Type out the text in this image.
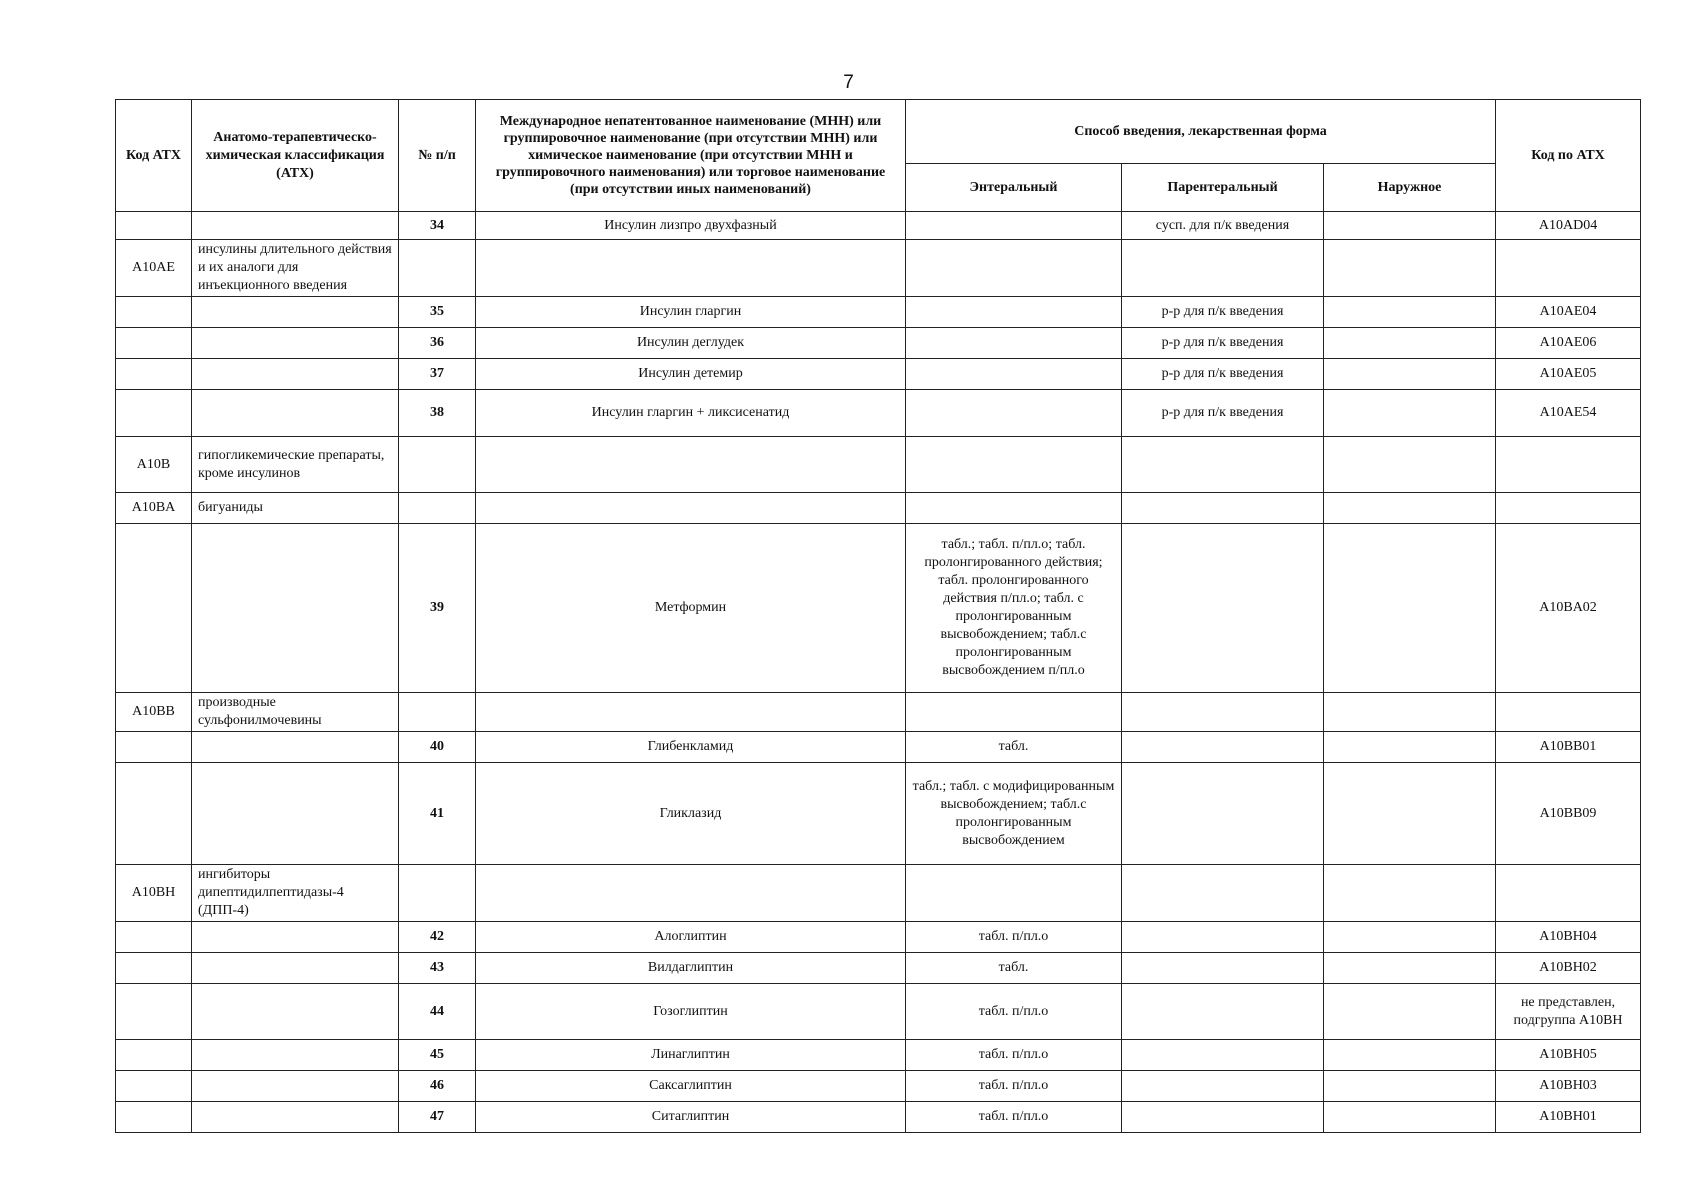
7
Код АТХ	Анатомо-терапевтическо-химическая классификация (АТХ)	№ п/п	Международное непатентованное наименование (МНН) или группировочное наименование (при отсутствии МНН) или химическое наименование (при отсутствии МНН и группировочного наименования) или торговое наименование (при отсутствии иных наименований)	Способ введения, лекарственная форма			Код по АТХ
				Энтеральный	Парентеральный	Наружное	
		34	Инсулин лизпро двухфазный		сусп. для п/к введения		A10AD04
A10AE	инсулины длительного действия и их аналоги для инъекционного введения						
		35	Инсулин гларгин		р-р для п/к введения		A10AE04
		36	Инсулин деглудек		р-р для п/к введения		A10AE06
		37	Инсулин детемир		р-р для п/к введения		A10AE05
		38	Инсулин гларгин + ликсисенатид		р-р для п/к введения		A10AE54
A10B	гипогликемические препараты, кроме инсулинов						
A10BA	бигуаниды						
		39	Метформин	табл.; табл. п/пл.о; табл. пролонгированного действия; табл. пролонгированного действия п/пл.о; табл. с пролонгированным высвобождением; табл.с пролонгированным высвобождением п/пл.о			A10BA02
A10BB	производные сульфонилмочевины						
		40	Глибенкламид	табл.			A10BB01
		41	Гликлазид	табл.; табл. с модифицированным высвобождением; табл.с пролонгированным высвобождением			A10BB09
A10BH	ингибиторы дипептидилпептидазы-4 (ДПП-4)						
		42	Алоглиптин	табл. п/пл.о			A10BH04
		43	Вилдаглиптин	табл.			A10BH02
		44	Гозоглиптин	табл. п/пл.о			не представлен, подгруппа A10BH
		45	Линаглиптин	табл. п/пл.о			A10BH05
		46	Саксаглиптин	табл. п/пл.о			A10BH03
		47	Ситаглиптин	табл. п/пл.о			A10BH01
